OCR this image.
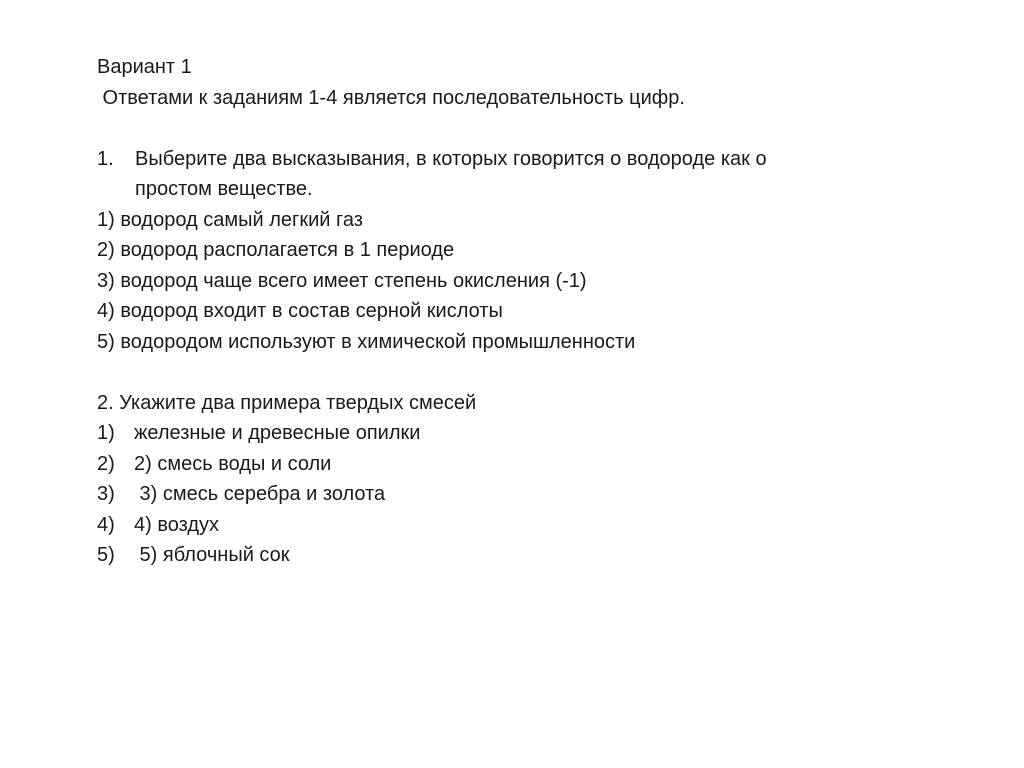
Вариант 1
Ответами к заданиям 1-4 является последовательность цифр.
1.	Выберите два высказывания, в которых говорится о водороде как о
простом веществе.
1) водород самый легкий газ
2) водород располагается в 1 периоде
3) водород чаще всего имеет степень окисления (-1)
4) водород входит в состав серной кислоты
5) водородом используют в химической промышленности
2. Укажите два примера твердых смесей
1) железные и древесные опилки
2) 2) смесь воды и соли
3) 3) смесь серебра и золота
4) 4) воздух
5) 5) яблочный сок
